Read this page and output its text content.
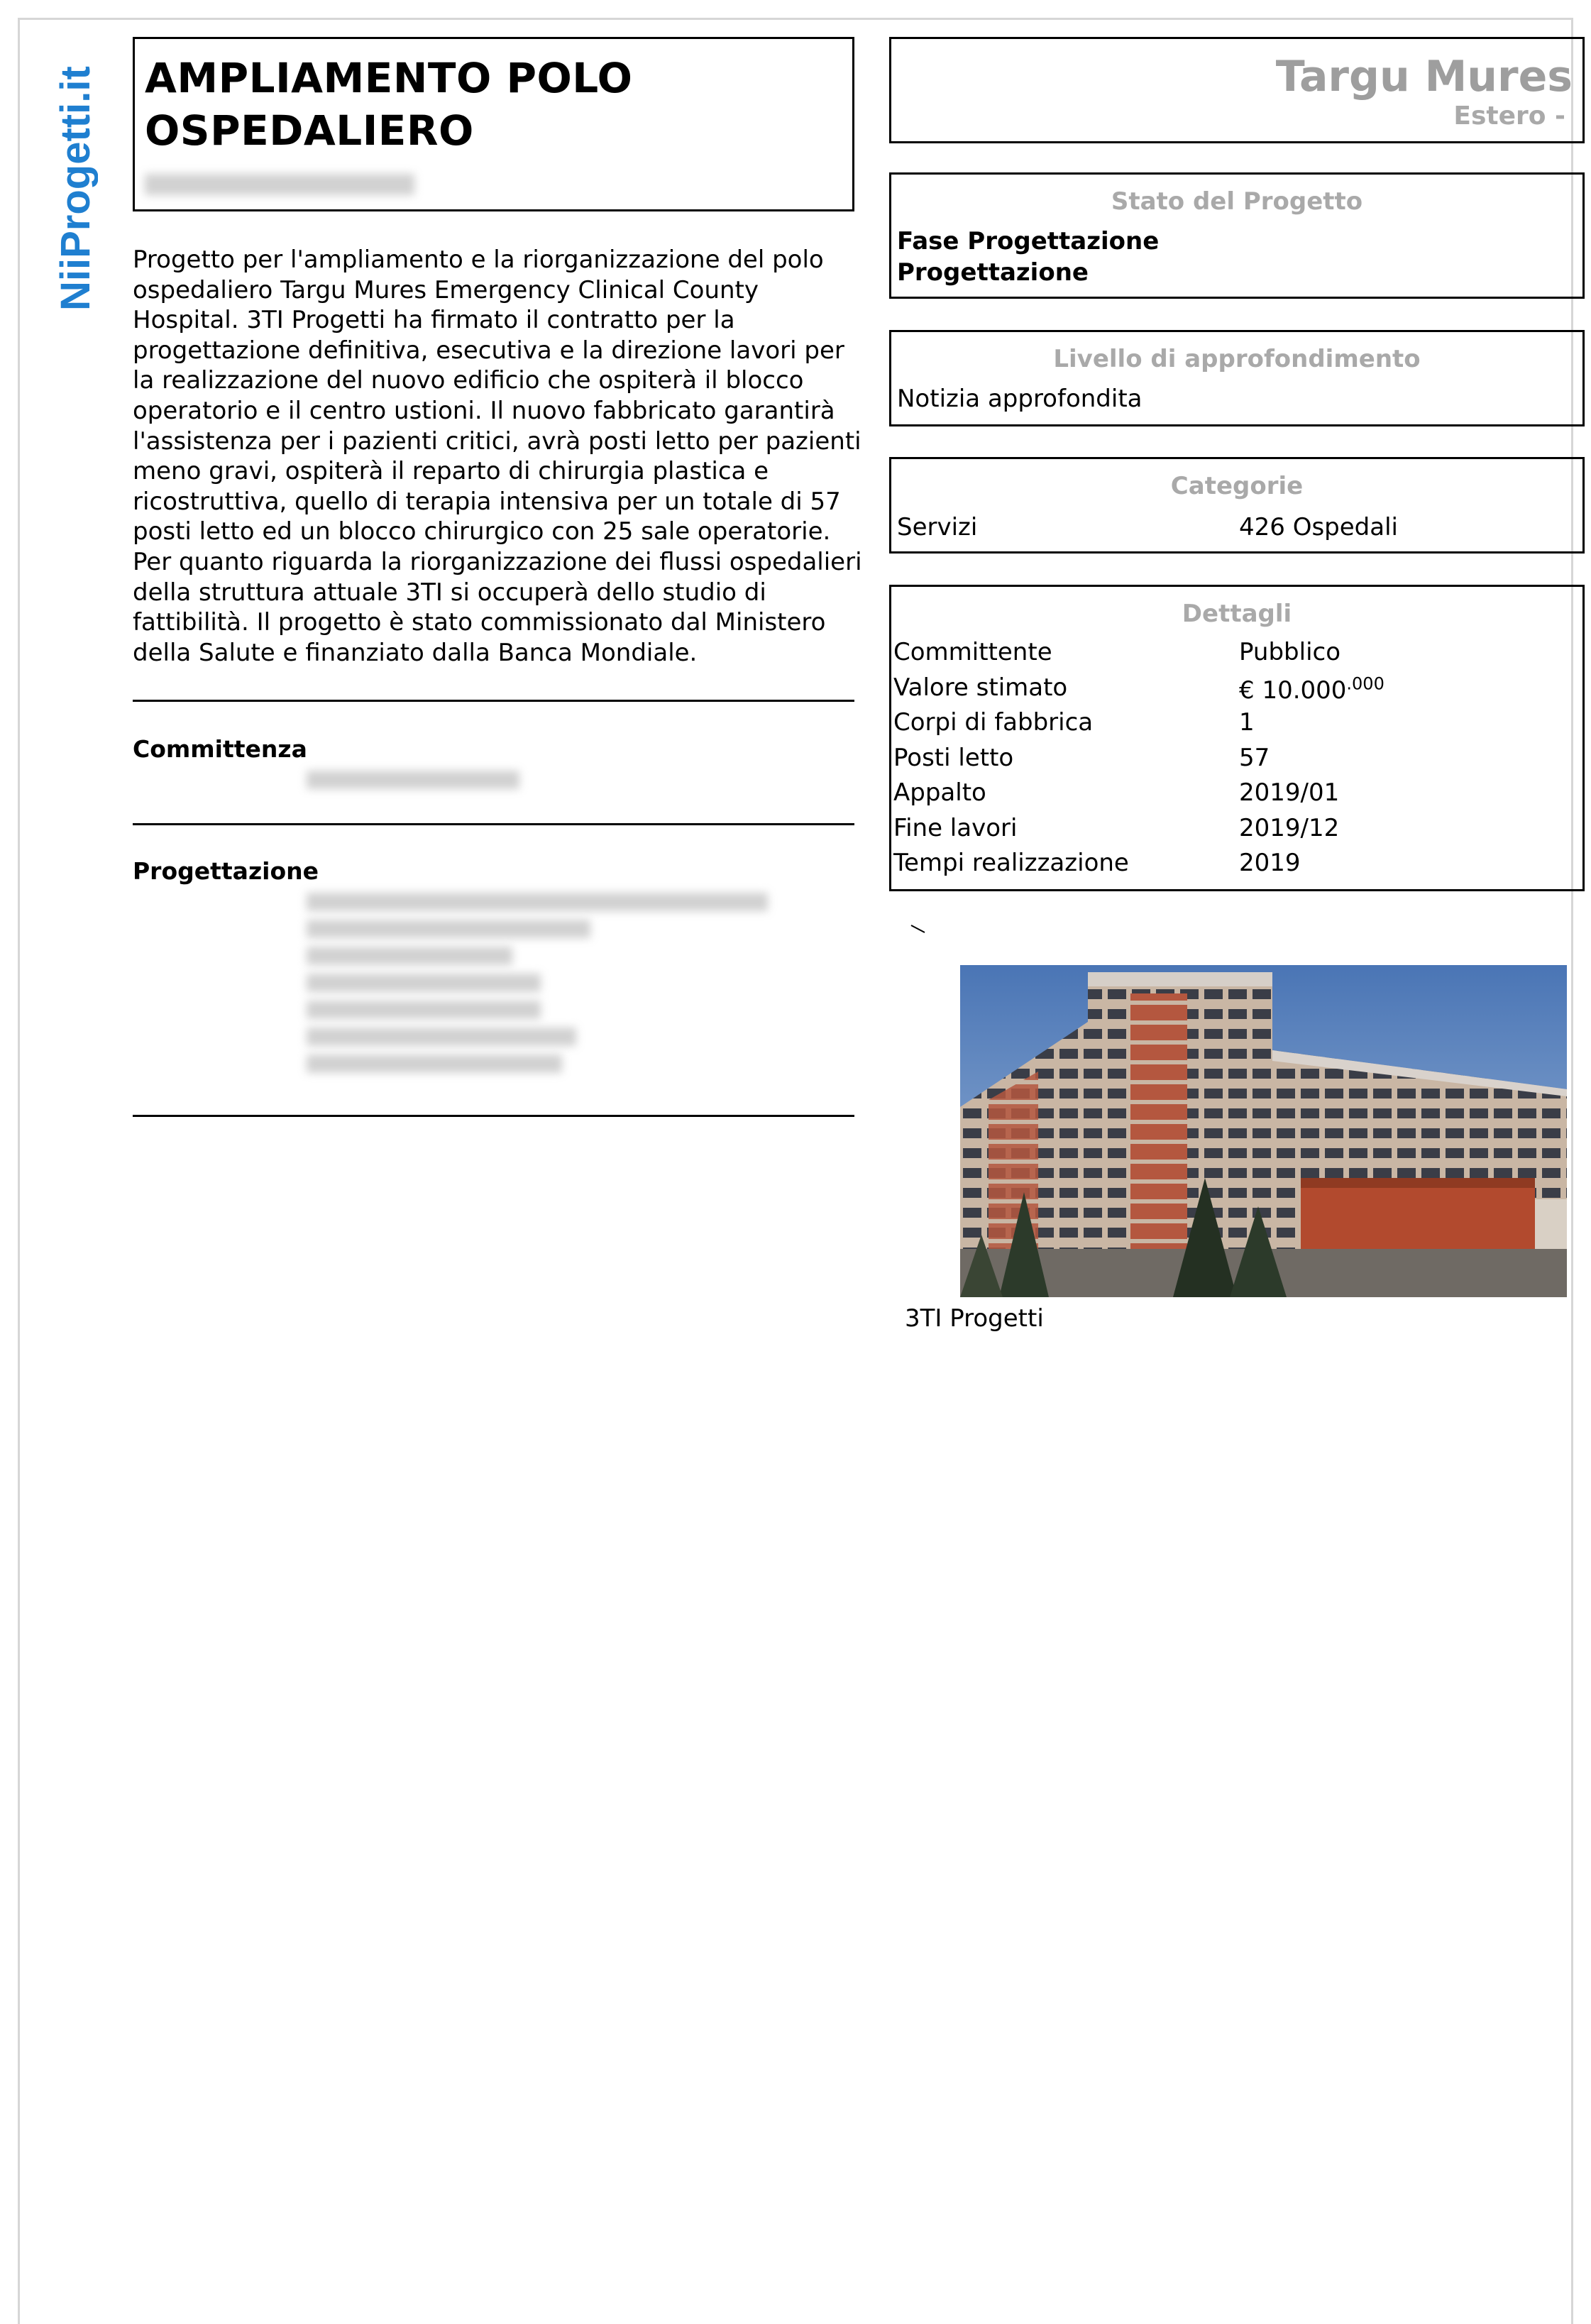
NiiProgetti.it AMPLIAMENTO POLO
OSPEDALIERO
Progetto per l'ampliamento e la riorganizzazione del polo ospedaliero Targu Mures Emergency Clinical County Hospital. 3TI Progetti ha firmato il contratto per la progettazione definitiva, esecutiva e la direzione lavori per la realizzazione del nuovo edificio che ospiterà il blocco operatorio e il centro ustioni. Il nuovo fabbricato garantirà l'assistenza per i pazienti critici, avrà posti letto per pazienti meno gravi, ospiterà il reparto di chirurgia plastica e ricostruttiva, quello di terapia intensiva per un totale di 57 posti letto ed un blocco chirurgico con 25 sale operatorie. Per quanto riguarda la riorganizzazione dei flussi ospedalieri della struttura attuale 3TI si occuperà dello studio di fattibilità. Il progetto è stato commissionato dal Ministero della Salute e finanziato dalla Banca Mondiale.
Committenza
Progettazione
Targu Mures
Estero -
Stato del Progetto
Fase Progettazione
Progettazione
Livello di approfondimento
Notizia approfondita
Categorie
Servizi	426 Ospedali
Dettagli
Committente	Pubblico
Valore stimato	€ $10.000^{.000}$
Corpi di fabbrica	1
Posti letto	57
Appalto	2019/01
Fine lavori	2019/12
Tempi realizzazione	2019
3TI Progetti
